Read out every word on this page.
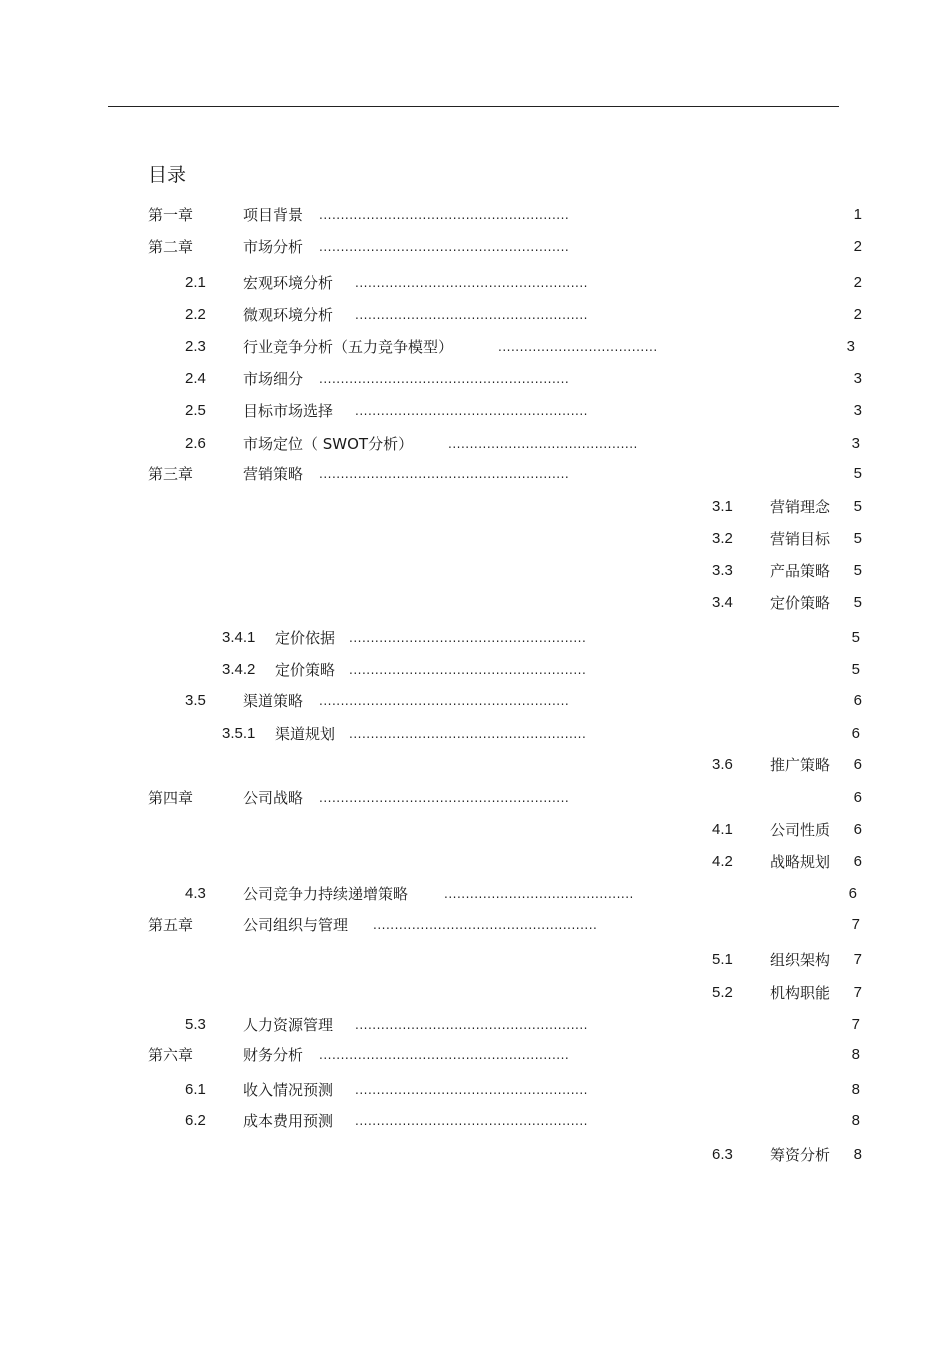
目录
第一章	项目背景 ..........................................................	1
第二章	市场分析 ..........................................................	2
2.1 宏观环境分析 ......................................................	2
2.2 微观环境分析 ......................................................	2
2.3 行业竞争分析（五力竞争模型）	.....................................	3
2.4 市场细分 ..........................................................	3
2.5 目标市场选择 ......................................................	3
2.6 市场定位（ SWOT分析）	............................................	3
第三章	营销策略 ..........................................................	5
3.1 营销理念 5
3.2 营销目标 5
3.3 产品策略 5
3.4 定价策略 5
3.4.1 定价依据 .......................................................	5
3.4.2 定价策略 .......................................................	5
3.5 渠道策略 ..........................................................	6
3.5.1 渠道规划 .......................................................	6
3.6 推广策略 6
第四章	公司战略 ..........................................................	6
4.1 公司性质 6
4.2 战略规划 6
4.3 公司竞争力持续递增策略	............................................	6
第五章	公司组织与管理 ....................................................	7
5.1 组织架构 7
5.2 机构职能 7
5.3 人力资源管理 ......................................................	7
第六章	财务分析 ..........................................................	8
6.1 收入情况预测 ......................................................	8
6.2 成本费用预测 ......................................................	8
6.3 筹资分析 8
